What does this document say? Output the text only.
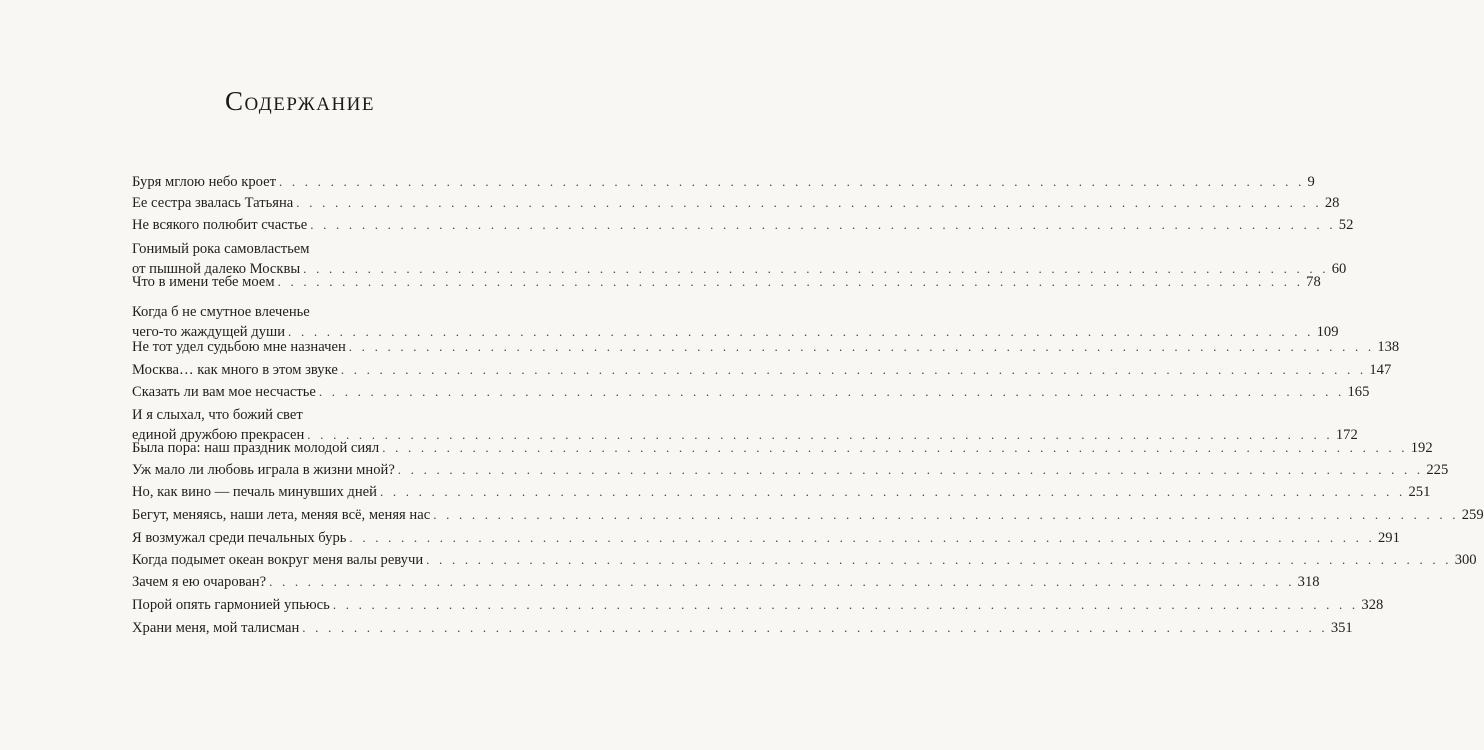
Содержание
Буря мглою небо кроет . . . . . . . . . . . . . . . . . . . . . . . . . . . . . . . . . . . . . . . . . . . . . . . . . . . . . . . . . . . . . . . . . . . . . . . . . . . . . . . . 9
Ее сестра звалась Татьяна . . . . . . . . . . . . . . . . . . . . . . . . . . . . . . . . . . . . . . . . . . . . . . . . . . . . . . . . . . . . . . . . . . . . . . . . . . . . . . . . 28
Не всякого полюбит счастье . . . . . . . . . . . . . . . . . . . . . . . . . . . . . . . . . . . . . . . . . . . . . . . . . . . . . . . . . . . . . . . . . . . . . . . . . . . . . . . . 52
Гонимый рока самовластьем
от пышной далеко Москвы . . . . . . . . . . . . . . . . . . . . . . . . . . . . . . . . . . . . . . . . . . . . . . . . . . . . . . . . . . . . . . . . . . . . . . . . . . . . . . . . 60
Что в имени тебе моем . . . . . . . . . . . . . . . . . . . . . . . . . . . . . . . . . . . . . . . . . . . . . . . . . . . . . . . . . . . . . . . . . . . . . . . . . . . . . . . . 78
Когда б не смутное влеченье
чего-то жаждущей души . . . . . . . . . . . . . . . . . . . . . . . . . . . . . . . . . . . . . . . . . . . . . . . . . . . . . . . . . . . . . . . . . . . . . . . . . . . . . . . . 109
Не тот удел судьбою мне назначен . . . . . . . . . . . . . . . . . . . . . . . . . . . . . . . . . . . . . . . . . . . . . . . . . . . . . . . . . . . . . . . . . . . . . . . . . . . . . . . . 138
Москва… как много в этом звуке . . . . . . . . . . . . . . . . . . . . . . . . . . . . . . . . . . . . . . . . . . . . . . . . . . . . . . . . . . . . . . . . . . . . . . . . . . . . . . . . 147
Сказать ли вам мое несчастье . . . . . . . . . . . . . . . . . . . . . . . . . . . . . . . . . . . . . . . . . . . . . . . . . . . . . . . . . . . . . . . . . . . . . . . . . . . . . . . . 165
И я слыхал, что божий свет
единой дружбою прекрасен . . . . . . . . . . . . . . . . . . . . . . . . . . . . . . . . . . . . . . . . . . . . . . . . . . . . . . . . . . . . . . . . . . . . . . . . . . . . . . . . 172
Была пора: наш праздник молодой сиял . . . . . . . . . . . . . . . . . . . . . . . . . . . . . . . . . . . . . . . . . . . . . . . . . . . . . . . . . . . . . . . . . . . . . . . . . . . . . . . . 192
Уж мало ли любовь играла в жизни мной? . . . . . . . . . . . . . . . . . . . . . . . . . . . . . . . . . . . . . . . . . . . . . . . . . . . . . . . . . . . . . . . . . . . . . . . . . . . . . . . . 225
Но, как вино — печаль минувших дней . . . . . . . . . . . . . . . . . . . . . . . . . . . . . . . . . . . . . . . . . . . . . . . . . . . . . . . . . . . . . . . . . . . . . . . . . . . . . . . . 251
Бегут, меняясь, наши лета, меняя всё, меняя нас . . . . . . . . . . . . . . . . . . . . . . . . . . . . . . . . . . . . . . . . . . . . . . . . . . . . . . . . . . . . . . . . . . . . . . . . . . . . . . . . 259
Я возмужал среди печальных бурь . . . . . . . . . . . . . . . . . . . . . . . . . . . . . . . . . . . . . . . . . . . . . . . . . . . . . . . . . . . . . . . . . . . . . . . . . . . . . . . . 291
Когда подымет океан вокруг меня валы ревучи . . . . . . . . . . . . . . . . . . . . . . . . . . . . . . . . . . . . . . . . . . . . . . . . . . . . . . . . . . . . . . . . . . . . . . . . . . . . . . . . 300
Зачем я ею очарован? . . . . . . . . . . . . . . . . . . . . . . . . . . . . . . . . . . . . . . . . . . . . . . . . . . . . . . . . . . . . . . . . . . . . . . . . . . . . . . . . 318
Порой опять гармонией упьюсь . . . . . . . . . . . . . . . . . . . . . . . . . . . . . . . . . . . . . . . . . . . . . . . . . . . . . . . . . . . . . . . . . . . . . . . . . . . . . . . . 328
Храни меня, мой талисман . . . . . . . . . . . . . . . . . . . . . . . . . . . . . . . . . . . . . . . . . . . . . . . . . . . . . . . . . . . . . . . . . . . . . . . . . . . . . . . . 351
